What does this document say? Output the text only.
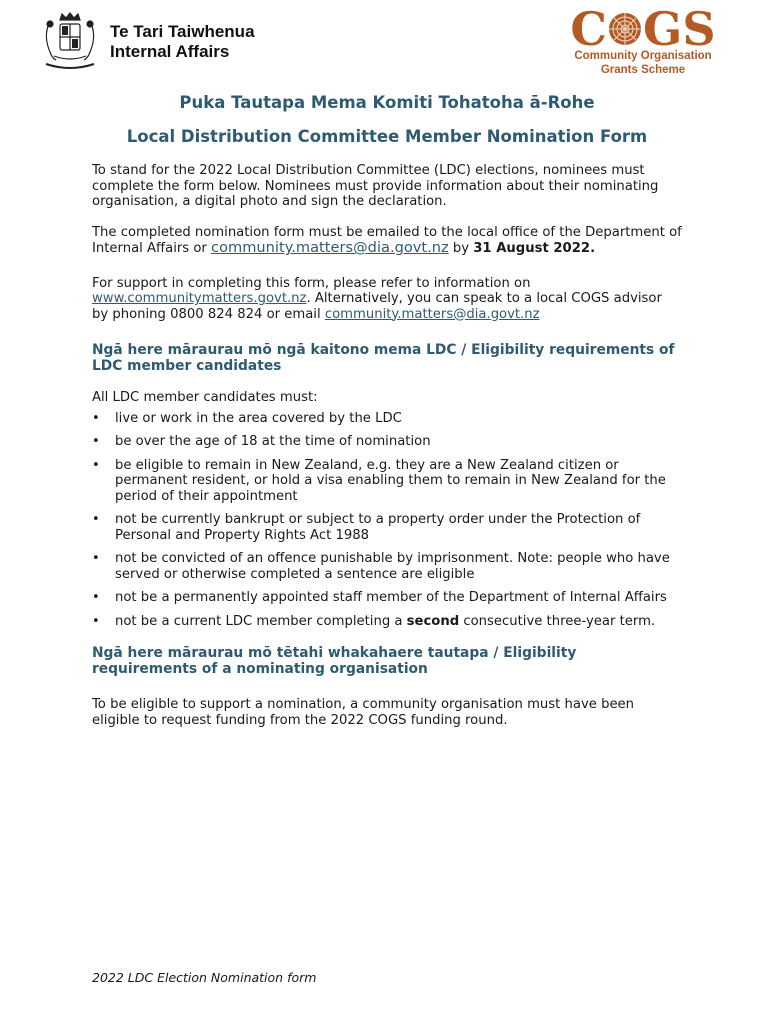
Te Tari Taiwhenua
Internal Affairs	C GS
Community Organisation
Grants Scheme
Puka Tautapa Mema Komiti Tohatoha ā-Rohe
Local Distribution Committee Member Nomination Form

To stand for the 2022 Local Distribution Committee (LDC) elections, nominees must complete the form below. Nominees must provide information about their nominating organisation, a digital photo and sign the declaration.

The completed nomination form must be emailed to the local office of the Department of Internal Affairs or community.matters@dia.govt.nz by 31 August 2022.

For support in completing this form, please refer to information on www.communitymatters.govt.nz. Alternatively, you can speak to a local COGS advisor by phoning 0800 824 824 or email community.matters@dia.govt.nz

Ngā here māraurau mō ngā kaitono mema LDC / Eligibility requirements of LDC member candidates

All LDC member candidates must:

• live or work in the area covered by the LDC
• be over the age of 18 at the time of nomination
• be eligible to remain in New Zealand, e.g. they are a New Zealand citizen or permanent resident, or hold a visa enabling them to remain in New Zealand for the period of their appointment
• not be currently bankrupt or subject to a property order under the Protection of Personal and Property Rights Act 1988
• not be convicted of an offence punishable by imprisonment. Note: people who have served or otherwise completed a sentence are eligible
• not be a permanently appointed staff member of the Department of Internal Affairs
• not be a current LDC member completing a second consecutive three-year term.
Ngā here māraurau mō tētahi whakahaere tautapa / Eligibility requirements of a nominating organisation

To be eligible to support a nomination, a community organisation must have been eligible to request funding from the 2022 COGS funding round.

2022 LDC Election Nomination form
